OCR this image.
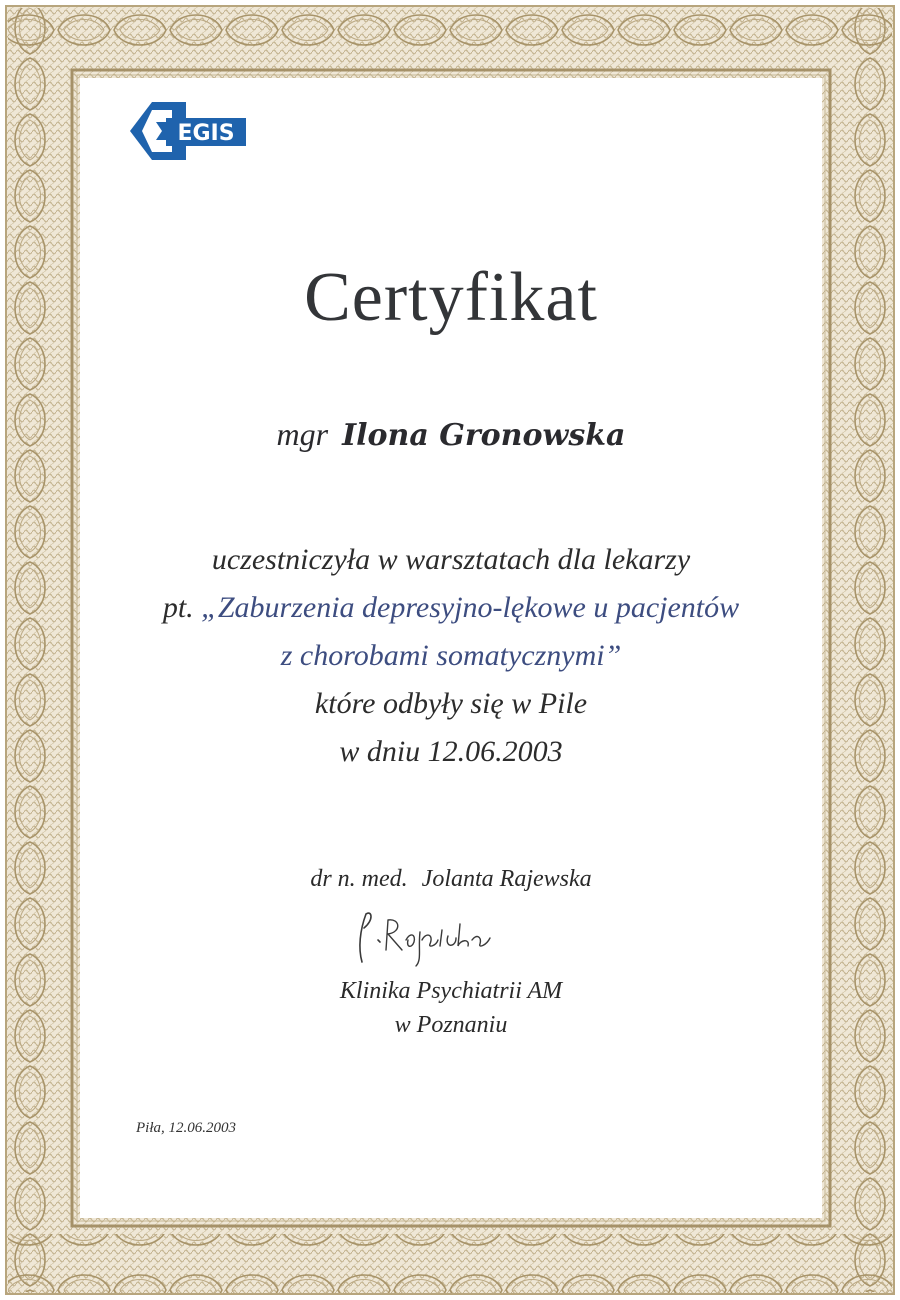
EGIS
Certyfikat
mgr Ilona Gronowska
uczestniczyła w warsztatach dla lekarzy
pt. „Zaburzenia depresyjno-lękowe u pacjentów
z chorobami somatycznymi”
które odbyły się w Pile
w dniu 12.06.2003
dr n. med. Jolanta Rajewska
Klinika Psychiatrii AM
w Poznaniu
Piła, 12.06.2003
